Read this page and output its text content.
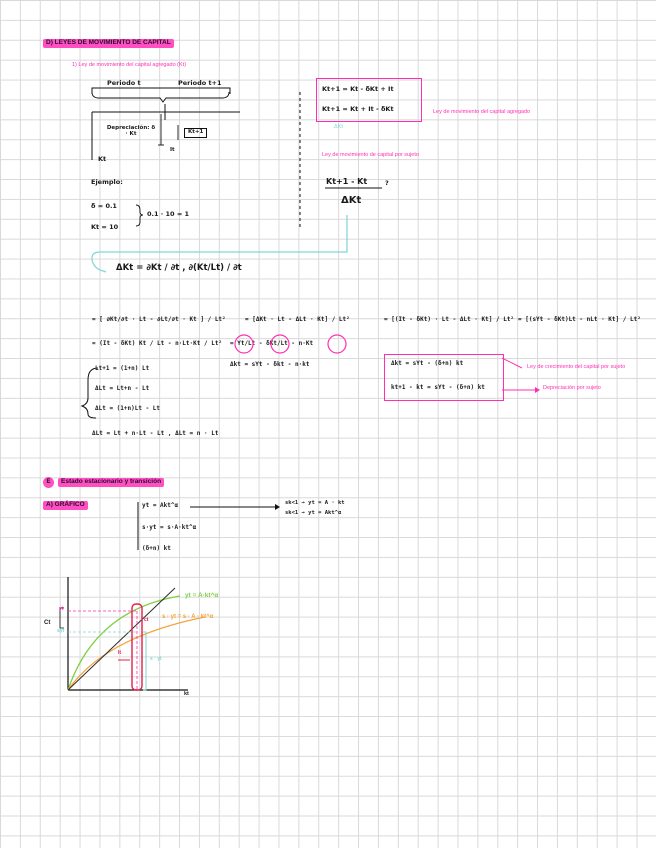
D) LEYES DE MOVIMIENTO DE CAPITAL
1) Ley de movimiento del capital agregado (Kt)
Periodo t	Periodo t+1
Depreciación: δ · Kt
It
Kt+1
Kt
Ejemplo:
δ = 0.1
Kt = 10
0.1 · 10 = 1
Kt+1 = Kt - δKt + It
Kt+1 = Kt + It - δKt	Ley de movimiento del capital agregado
ΔKt
Ley de movimiento de capital por sujeto
Kt+1 - Kt	?
ΔKt
ΔKt = ∂Kt / ∂t , ∂(Kt/Lt) / ∂t
= [ ∂Kt/∂t · Lt - ∂Lt/∂t · Kt ] / Lt²	= [ΔKt · Lt - ΔLt · Kt] / Lt²	= [(It - δKt) · Lt - ΔLt · Kt] / Lt² = [(sYt - δKt)Lt - nLt · Kt] / Lt²
= (It - δKt) Kt / Lt - n·Lt·Kt / Lt² = Yt/Lt - δKt/Lt - n·Kt
Δkt = sYt - δkt - n·kt
Lt+1 = (1+n) Lt
ΔLt = Lt+n - Lt
ΔLt = (1+n)Lt - Lt
ΔLt = Lt + n·Lt - Lt , ΔLt = n · Lt
Δkt = sYt - (δ+n) kt
kt+1 - kt = sYt - (δ+n) kt
Ley de crecimiento del capital por sujeto
Depreciación por sujeto
E	Estado estacionario y transición
A) GRÁFICO	yt = Akt^α
s·yt = s·A·kt^α
(δ+n) kt
sk<1 → yt = A · kt
sk<1 → yt = Akt^α
yt = A·kt^α
s · yt = s · A · kt^α
Ct
yt
syt
ct
It
s · yt
kt
